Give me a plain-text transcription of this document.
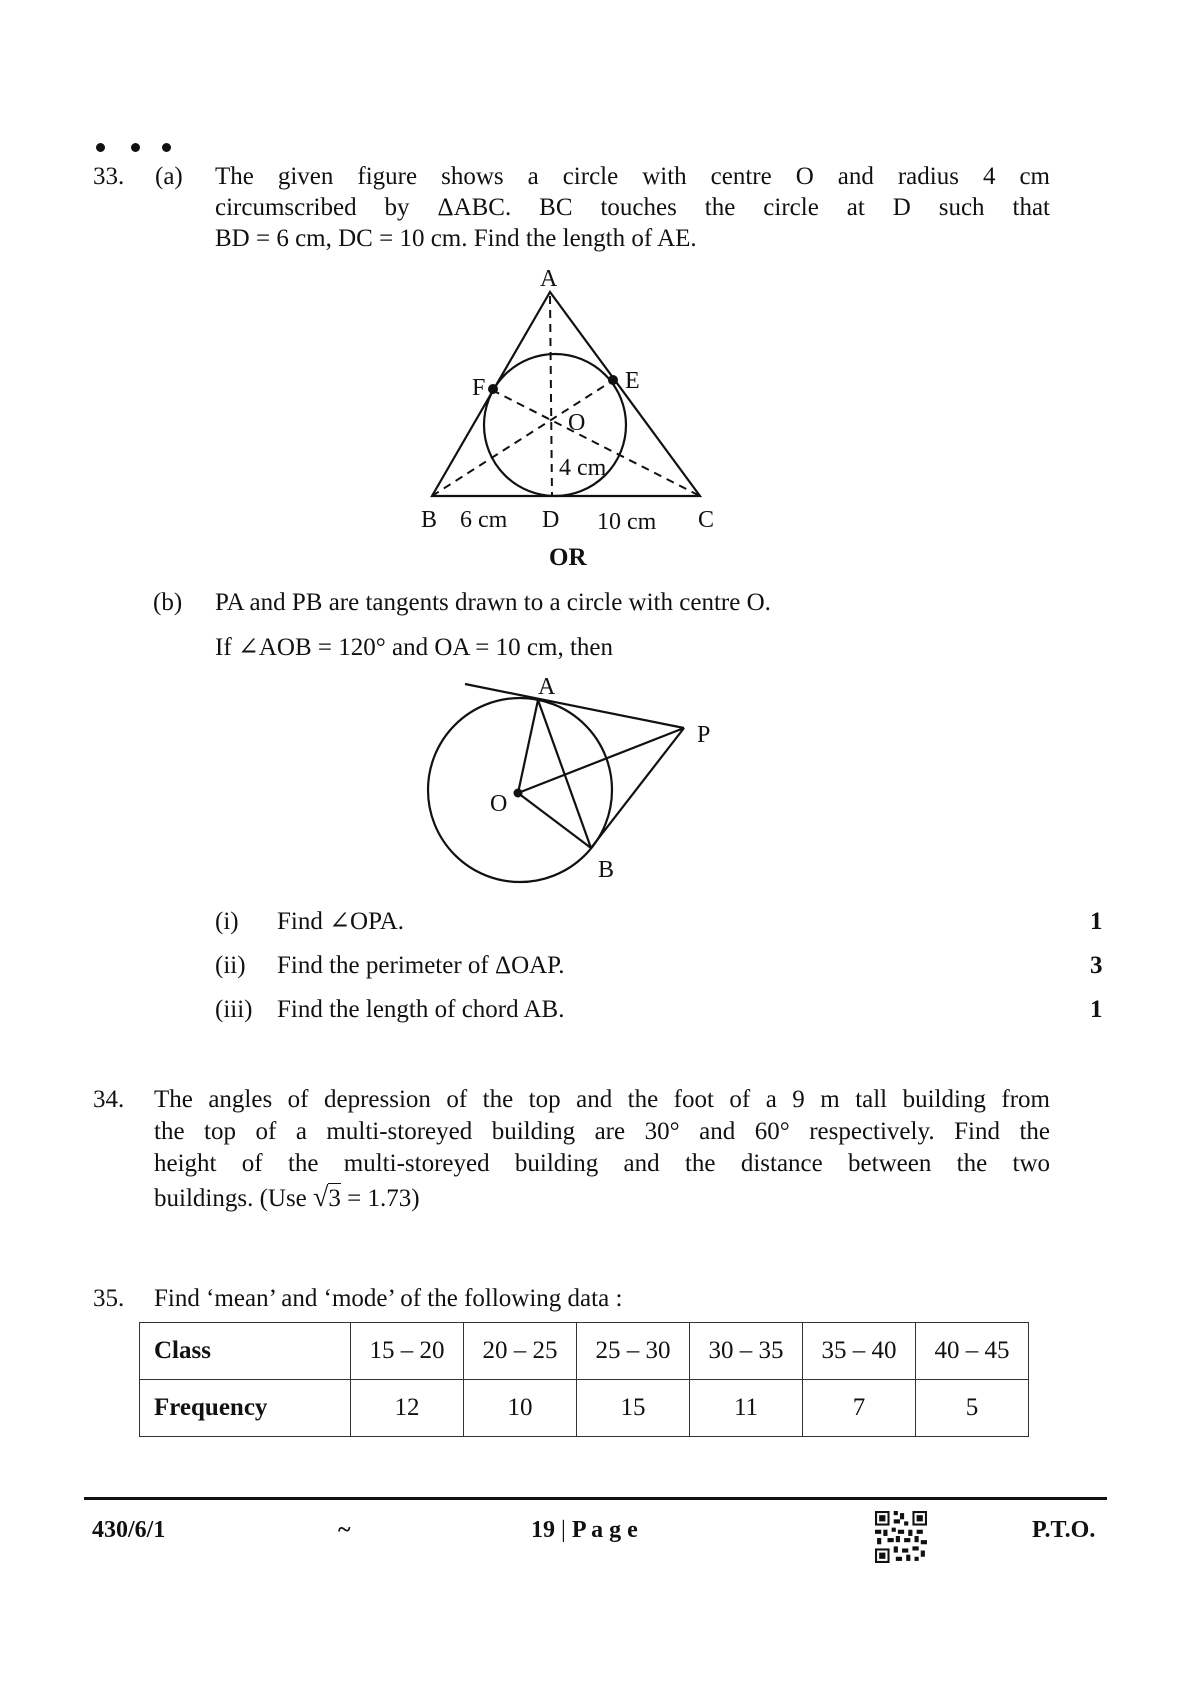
33. (a) The given figure shows a circle with centre O and radius 4 cm
circumscribed by ΔABC. BC touches the circle at D such that
BD = 6 cm, DC = 10 cm. Find the length of AE.
A
F	E
O
4 cm
B 6 cm D 10 cm C
OR
(b) PA and PB are tangents drawn to a circle with centre O.
If ∠AOB = 120° and OA = 10 cm, then
A
P
O
B
(i) Find ∠OPA.	1
(ii) Find the perimeter of ΔOAP.	3
(iii) Find the length of chord AB.	1
34. The angles of depression of the top and the foot of a 9 m tall building from
the top of a multi-storeyed building are 30° and 60° respectively. Find the
height of the multi-storeyed building and the distance between the two
buildings. (Use √3 = 1.73)
35. Find ‘mean’ and ‘mode’ of the following data :
Class	15 – 20	20 – 25	25 – 30	30 – 35	35 – 40	40 – 45
Frequency	12	10	15	11	7	5
430/6/1	~	19 | P a g e	P.T.O.
